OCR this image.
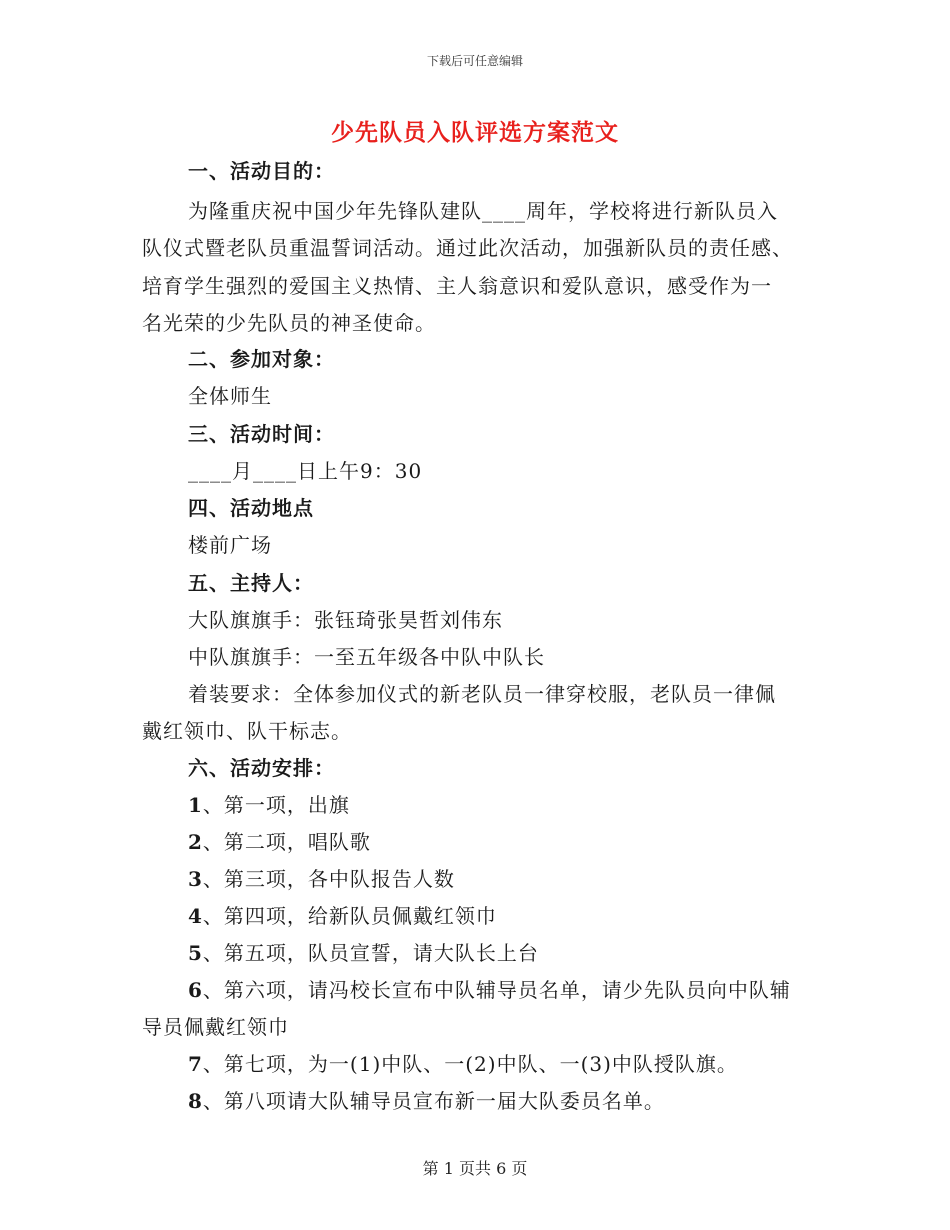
下载后可任意编辑
少先队员入队评选方案范文
一、活动目的：
为隆重庆祝中国少年先锋队建队____周年，学校将进行新队员入
队仪式暨老队员重温誓词活动。通过此次活动，加强新队员的责任感、
培育学生强烈的爱国主义热情、主人翁意识和爱队意识，感受作为一
名光荣的少先队员的神圣使命。
二、参加对象：
全体师生
三、活动时间：
____月____日上午9：30
四、活动地点
楼前广场
五、主持人：
大队旗旗手：张钰琦张昊哲刘伟东
中队旗旗手：一至五年级各中队中队长
着装要求：全体参加仪式的新老队员一律穿校服，老队员一律佩
戴红领巾、队干标志。
六、活动安排：
1、第一项，出旗
2、第二项，唱队歌
3、第三项，各中队报告人数
4、第四项，给新队员佩戴红领巾
5、第五项，队员宣誓，请大队长上台
6、第六项，请冯校长宣布中队辅导员名单，请少先队员向中队辅
导员佩戴红领巾
7、第七项，为一(1)中队、一(2)中队、一(3)中队授队旗。
8、第八项请大队辅导员宣布新一届大队委员名单。
第 1 页共 6 页
